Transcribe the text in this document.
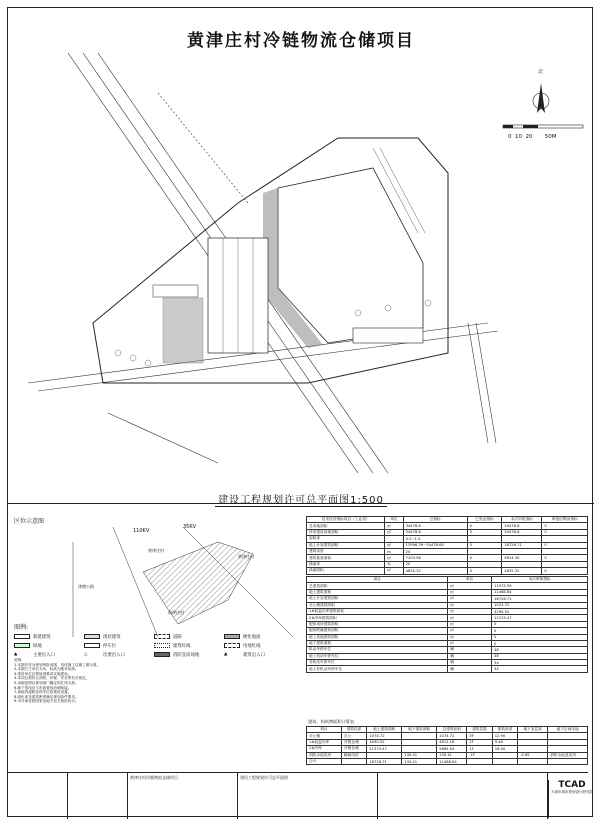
黄津庄村冷链物流仓储项目
北
0 10 20 50M
建设工程规划许可总平面图1:500
区位示意图
110KV
35KV
黄津庄村
津塘公路
黄津庄村
黄津庄村
图例:
新建建筑	现状建筑	道路	硬化地面
绿地	停车位	建筑红线	用地红线
▲	主要出入口	△	次要出入口	消防登高场地	▲	建筑出入口
说明:
1.本图仅作为规划审批用图，具体施工以施工图为准。
2.本图尺寸单位为米，标高为绝对标高。
3.建设单位应按规划要求实施建设。
4.本项目需符合消防、环保、安全等有关规定。
5.用地范围以规划部门确定的红线为准。
6.地下管线应与市政管线协调衔接。
7.场地内道路及停车位按规范设置。
8.绿化率及建筑密度满足规划条件要求。
9.未尽事宜按国家及地方有关规范执行。
技术经济指标项目（工业类）	单位	总指标	已发证指标	本次申报指标	审批后剩余指标
总用地面积	㎡	34476.6	0	34476.6	0
所用建设用地面积	㎡	34476.6	0	34476.6	0
容积率		0.5~1.0			
地上计容建筑面积	㎡	13996.39~34476.60	0	16726.71	0
建筑高度	m	20			
建筑基底面积	㎡	7203.96	0	9814.30	0
绿地率	%	20			
绿地面积	㎡	4835.32	0	4835.32	0
项目	单位	本次审核指标
总建筑面积	㎡	11975.39
地上建筑面积	㎡	11468.64
地上计容建筑面积	㎡	16726.71
办公楼建筑面积	㎡	1074.72
1#低温冷库建筑面积	㎡	4290.52
2#冷库建筑面积	㎡	11374.47
配套用房建筑面积	㎡	0
配套附属建筑面积	㎡	0
地上其他建筑面积	㎡	0
地下建筑面积	㎡	0
机动车停车位	辆	48
地上机动车停车位	辆	48
非机动车停车位	辆	34
地上非机动车停车位	辆	34
建筑、构筑物面积计算表
项目	建筑性质	地上建筑面积	地下建筑面积	总建筑面积	建筑层数	建筑高度	地下室层高	地下空间用途
办公楼	办公	1074.72		1074.72	3F	12.90		
1#低温冷库	冷链仓储	4290.52		4812.16	2F	9.48		
2#冷库	冷链仓储	11374.47		5885.54	1F	16.50		
消防水池泵房	辅助用房		130.41	130.41	-1F		-5.65	消防水池及泵房
合计		16726.71	130.41	11468.64				
黄津庄村冷链物流仓储项目	建设工程规划许可总平面图
TCAD
天津市城市规划设计研究院
